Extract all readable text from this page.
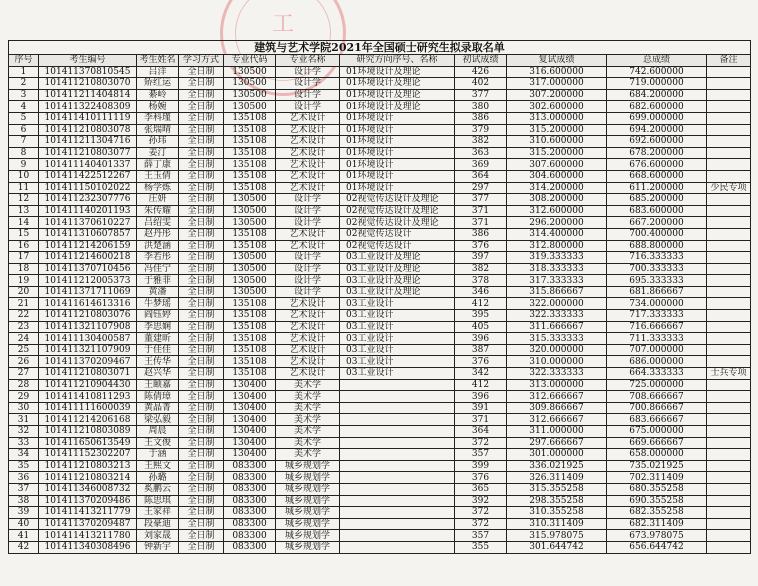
工
建筑与艺术学院2021年全国硕士研究生拟录取名单										
序号	考生编号	考生姓名	学习方式	专业代码	专业名称	研究方向序号、名称	初试成绩	复试成绩	总成绩	备注
1	101411370810545	吕洋	全日制	130500	设计学	01环境设计及理论	426	316.600000	742.600000	
2	101411210803070	矫红运	全日制	130500	设计学	01环境设计及理论	402	317.000000	719.000000	
3	101411211404814	綦岭	全日制	130500	设计学	01环境设计及理论	377	307.200000	684.200000	
4	101411322408309	杨婉	全日制	130500	设计学	01环境设计及理论	380	302.600000	682.600000	
5	101411410111119	李科瑾	全日制	135108	艺术设计	01环境设计	386	313.000000	699.000000	
6	101411210803078	张瑞晴	全日制	135108	艺术设计	01环境设计	379	315.200000	694.200000	
7	101411211304716	孙玮	全日制	135108	艺术设计	01环境设计	382	310.600000	692.600000	
8	101411210803077	姜汀	全日制	135108	艺术设计	01环境设计	363	315.200000	678.200000	
9	101411140401337	薛丁康	全日制	135108	艺术设计	01环境设计	369	307.600000	676.600000	
10	101411422512267	王玉倩	全日制	135108	艺术设计	01环境设计	364	304.600000	668.600000	
11	101411150102022	杨学炼	全日制	135108	艺术设计	01环境设计	297	314.200000	611.200000	少民专项
12	101411232307776	庄妍	全日制	130500	设计学	02视觉传达设计及理论	377	308.200000	685.200000	
13	101411140201193	朱传耀	全日制	130500	设计学	02视觉传达设计及理论	371	312.600000	683.600000	
14	101411370610227	吕绍雯	全日制	130500	设计学	02视觉传达设计及理论	371	296.200000	667.200000	
15	101411310607857	赵丹彤	全日制	135108	艺术设计	02视觉传达设计	386	314.400000	700.400000	
16	101411214206159	洪楚涵	全日制	135108	艺术设计	02视觉传达设计	376	312.800000	688.800000	
17	101411214600218	李若彤	全日制	130500	设计学	03工业设计及理论	397	319.333333	716.333333	
18	101411370710456	冯佳宁	全日制	130500	设计学	03工业设计及理论	382	318.333333	700.333333	
19	101411212005373	于雅菲	全日制	130500	设计学	03工业设计及理论	378	317.333333	695.333333	
20	101411371711069	黄潘	全日制	130500	设计学	03工业设计及理论	346	315.866667	681.866667	
21	101411614613316	牛梦瑶	全日制	135108	艺术设计	03工业设计	412	322.000000	734.000000	
22	101411210803076	阎钰婷	全日制	135108	艺术设计	03工业设计	395	322.333333	717.333333	
23	101411321107908	李思娴	全日制	135108	艺术设计	03工业设计	405	311.666667	716.666667	
24	101411130400587	董建昕	全日制	135108	艺术设计	03工业设计	396	315.333333	711.333333	
25	101411321107909	于佳佳	全日制	135108	艺术设计	03工业设计	387	320.000000	707.000000	
26	101411370209467	王传华	全日制	135108	艺术设计	03工业设计	376	310.000000	686.000000	
27	101411210803071	赵兴华	全日制	135108	艺术设计	03工业设计	342	322.333333	664.333333	士兵专项
28	101411210904430	王颐嘉	全日制	130400	美术学		412	313.000000	725.000000	
29	101411410811293	陈倩璋	全日制	130400	美术学		396	312.666667	708.666667	
30	101411111600039	黄晶菁	全日制	130400	美术学		391	309.866667	700.866667	
31	101411214206168	梁弘毅	全日制	130400	美术学		371	312.666667	683.666667	
32	101411210803089	周晨	全日制	130400	美术学		364	311.000000	675.000000	
33	101411650613549	王文俊	全日制	130400	美术学		372	297.666667	669.666667	
34	101411152302207	于涵	全日制	130400	美术学		357	301.000000	658.000000	
35	101411210803213	王熙文	全日制	083300	城乡规划学		399	336.021925	735.021925	
36	101411210803214	孙璐	全日制	083300	城乡规划学		376	326.311409	702.311409	
37	101411346008732	奚鹏云	全日制	083300	城乡规划学		365	315.355258	680.355258	
38	101411370209486	陈思琪	全日制	083300	城乡规划学		392	298.355258	690.355258	
39	101411413211779	王家祥	全日制	083300	城乡规划学		372	310.355258	682.355258	
40	101411370209487	段豪迪	全日制	083300	城乡规划学		372	310.311409	682.311409	
41	101411413211780	刘家晟	全日制	083300	城乡规划学		357	315.978075	673.978075	
42	101411340308496	钟新宇	全日制	083300	城乡规划学		355	301.644742	656.644742	
